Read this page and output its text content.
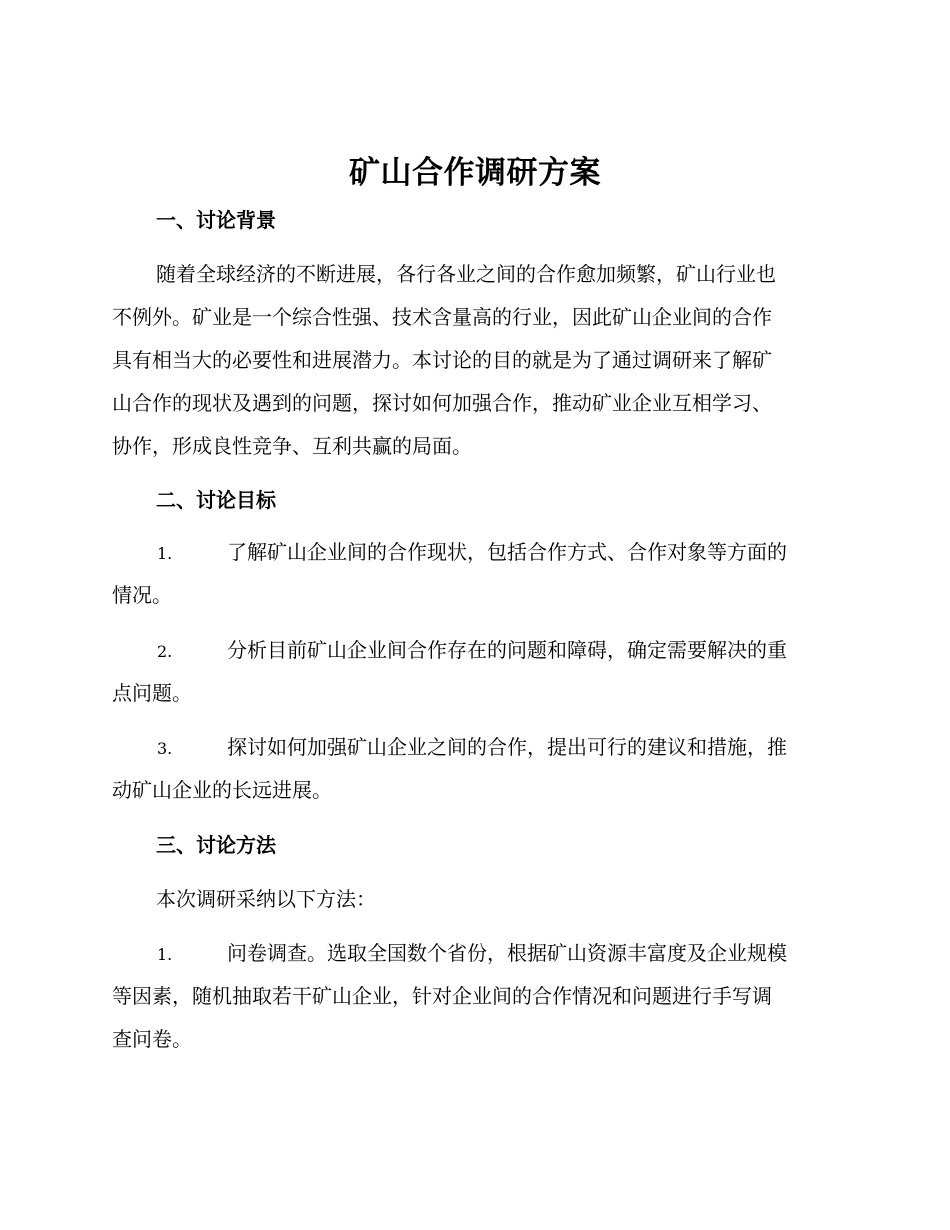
矿山合作调研方案
一、讨论背景
随着全球经济的不断进展，各行各业之间的合作愈加频繁，矿山行业也
不例外。矿业是一个综合性强、技术含量高的行业，因此矿山企业间的合作
具有相当大的必要性和进展潜力。本讨论的目的就是为了通过调研来了解矿
山合作的现状及遇到的问题，探讨如何加强合作，推动矿业企业互相学习、
协作，形成良性竞争、互利共赢的局面。
二、讨论目标
1.	了解矿山企业间的合作现状，包括合作方式、合作对象等方面的
情况。
2.	分析目前矿山企业间合作存在的问题和障碍，确定需要解决的重
点问题。
3.	探讨如何加强矿山企业之间的合作，提出可行的建议和措施，推
动矿山企业的长远进展。
三、讨论方法
本次调研采纳以下方法：
1.	问卷调查。选取全国数个省份，根据矿山资源丰富度及企业规模
等因素，随机抽取若干矿山企业，针对企业间的合作情况和问题进行手写调
查问卷。
